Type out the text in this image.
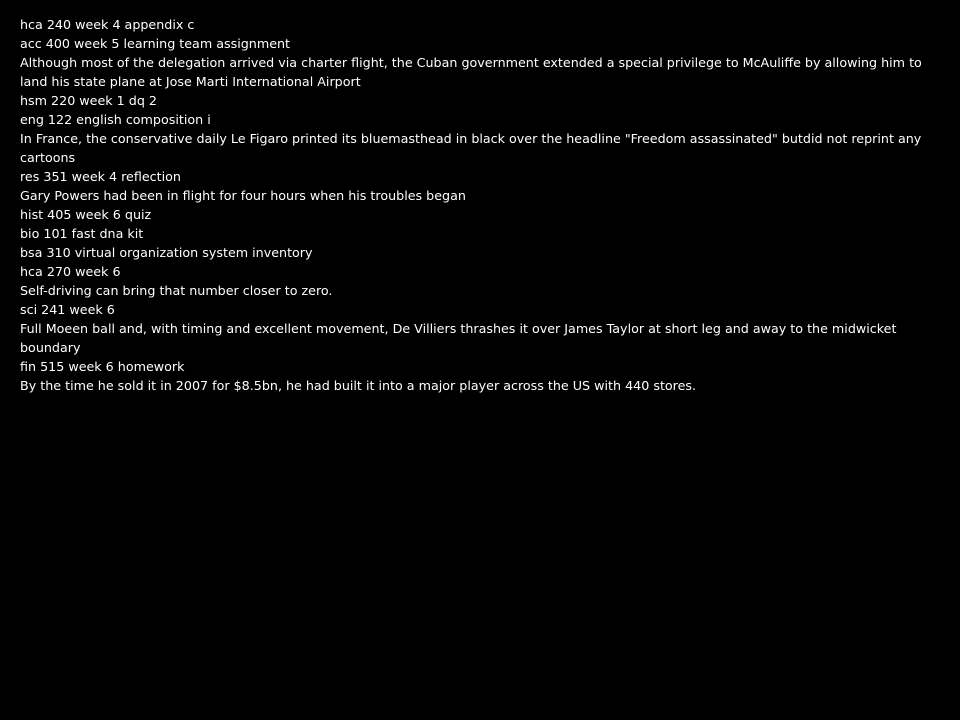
hca 240 week 4 appendix c
acc 400 week 5 learning team assignment
Although most of the delegation arrived via charter flight, the Cuban government extended a special privilege to McAuliffe by allowing him to land his state plane at Jose Marti International Airport
hsm 220 week 1 dq 2
eng 122 english composition i
In France, the conservative daily Le Figaro printed its bluemasthead in black over the headline "Freedom assassinated" butdid not reprint any cartoons
res 351 week 4 reflection
Gary Powers had been in flight for four hours when his troubles began
hist 405 week 6 quiz
bio 101 fast dna kit
bsa 310 virtual organization system inventory
hca 270 week 6
Self-driving can bring that number closer to zero.
sci 241 week 6
Full Moeen ball and, with timing and excellent movement, De Villiers thrashes it over James Taylor at short leg and away to the midwicket boundary
fin 515 week 6 homework
By the time he sold it in 2007 for $8.5bn, he had built it into a major player across the US with 440 stores.
